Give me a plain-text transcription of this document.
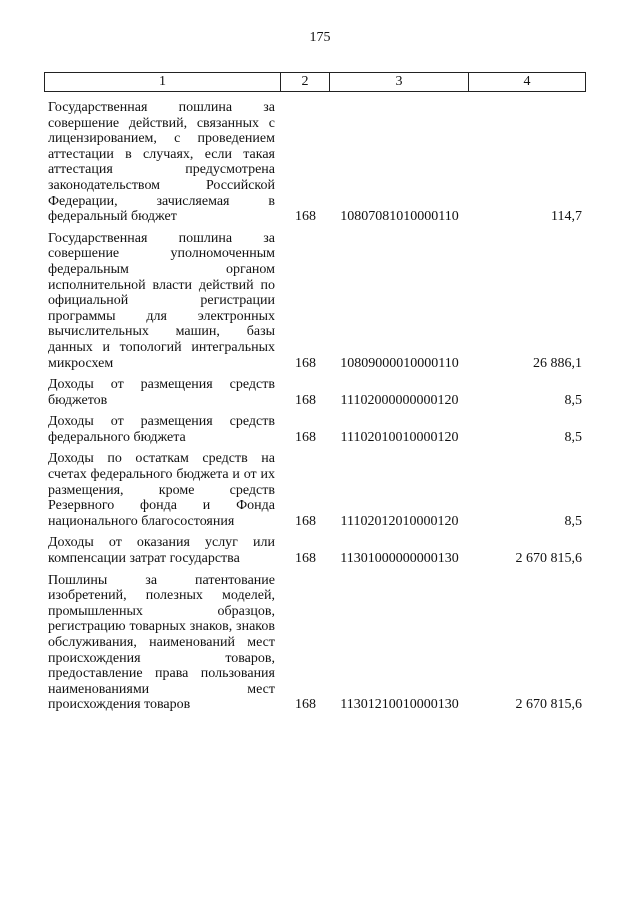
175
1	2	3	4
Государственная пошлина за совершение действий, связанных с лицензированием, с проведением аттестации в случаях, если такая аттестация предусмотрена законодательством Российской Федерации, зачисляемая в федеральный бюджет	168	10807081010000110	114,7
Государственная пошлина за совершение уполномоченным федеральным органом исполнительной власти действий по официальной регистрации программы для электронных вычислительных машин, базы данных и топологий интегральных микросхем	168	10809000010000110	26 886,1
Доходы от размещения средств бюджетов	168	11102000000000120	8,5
Доходы от размещения средств федерального бюджета	168	11102010010000120	8,5
Доходы по остаткам средств на счетах федерального бюджета и от их размещения, кроме средств Резервного фонда и Фонда национального благосостояния	168	11102012010000120	8,5
Доходы от оказания услуг или компенсации затрат государства	168	11301000000000130	2 670 815,6
Пошлины за патентование изобретений, полезных моделей, промышленных образцов, регистрацию товарных знаков, знаков обслуживания, наименований мест происхождения товаров, предоставление права пользования наименованиями мест происхождения товаров	168	11301210010000130	2 670 815,6
